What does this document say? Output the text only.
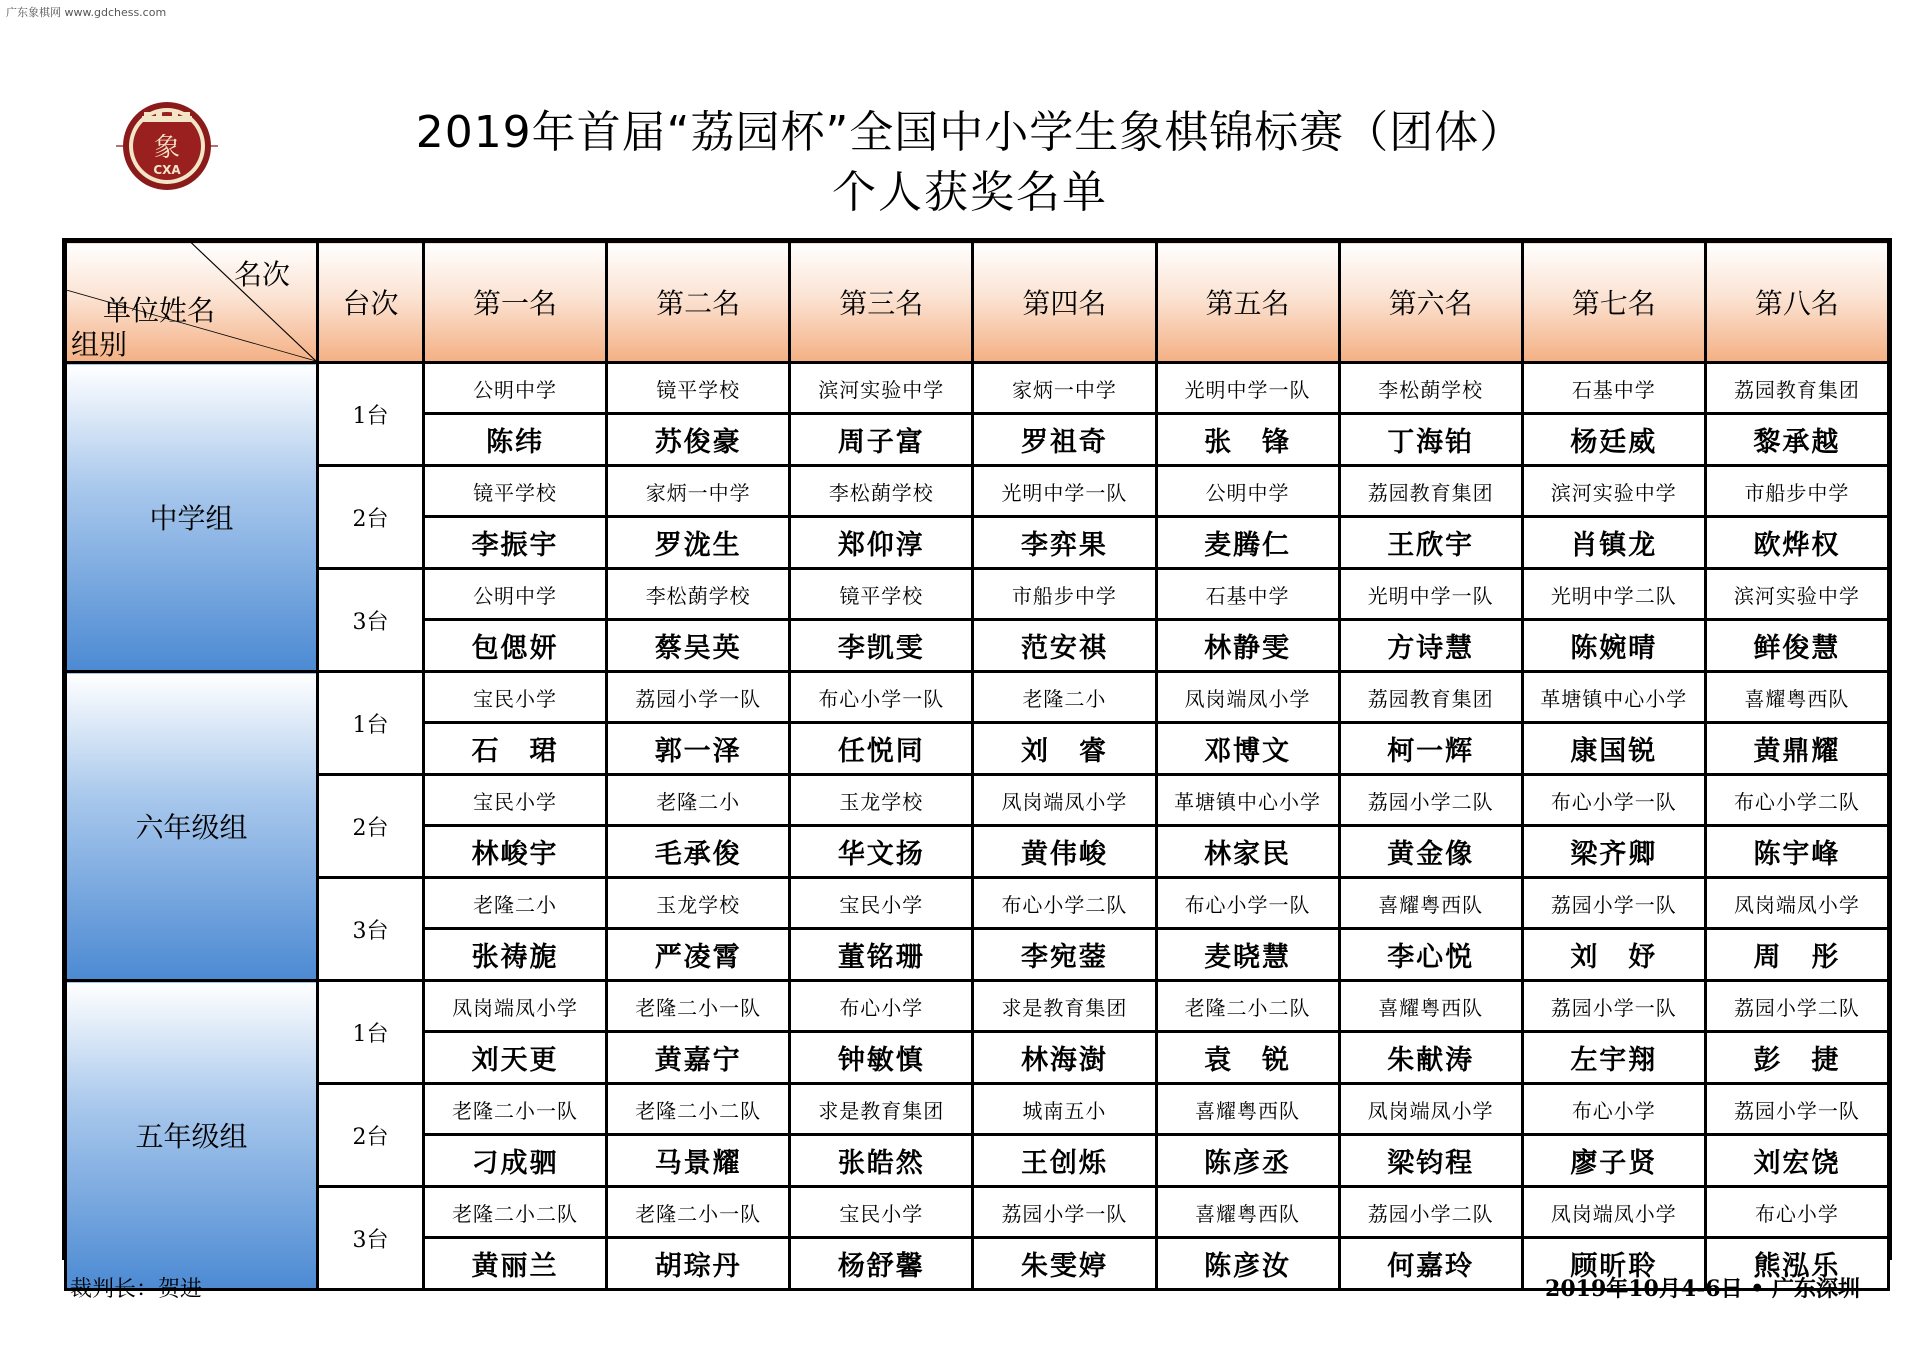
广东象棋网 www.gdchess.com
象
CXA
2019年首届“荔园杯”全国中小学生象棋锦标赛（团体）
个人获奖名单
名次
单位姓名
组别	台次	第一名	第二名	第三名	第四名	第五名	第六名	第七名	第八名
中学组	1台	公明中学	镜平学校	滨河实验中学	家炳一中学	光明中学一队	李松蓢学校	石基中学	荔园教育集团
		陈纬	苏俊豪	周子富	罗祖奇	张　锋	丁海铂	杨廷威	黎承越
	2台	镜平学校	家炳一中学	李松蓢学校	光明中学一队	公明中学	荔园教育集团	滨河实验中学	市船步中学
		李振宇	罗泷生	郑仰淳	李弈果	麦腾仁	王欣宇	肖镇龙	欧烨权
	3台	公明中学	李松蓢学校	镜平学校	市船步中学	石基中学	光明中学一队	光明中学二队	滨河实验中学
		包偲妍	蔡吴英	李凯雯	范安祺	林静雯	方诗慧	陈婉晴	鲜俊慧
六年级组	1台	宝民小学	荔园小学一队	布心小学一队	老隆二小	凤岗端凤小学	荔园教育集团	革塘镇中心小学	喜耀粤西队
		石　珺	郭一泽	任悦同	刘　睿	邓博文	柯一辉	康国锐	黄鼎耀
	2台	宝民小学	老隆二小	玉龙学校	凤岗端凤小学	革塘镇中心小学	荔园小学二队	布心小学一队	布心小学二队
		林峻宇	毛承俊	华文扬	黄伟峻	林家民	黄金像	梁齐卿	陈宇峰
	3台	老隆二小	玉龙学校	宝民小学	布心小学二队	布心小学一队	喜耀粤西队	荔园小学一队	凤岗端凤小学
		张祷旎	严凌霄	董铭珊	李宛蓥	麦晓慧	李心悦	刘　妤	周　彤
五年级组	1台	凤岗端凤小学	老隆二小一队	布心小学	求是教育集团	老隆二小二队	喜耀粤西队	荔园小学一队	荔园小学二队
		刘天更	黄嘉宁	钟敏慎	林海澍	袁　锐	朱献涛	左宇翔	彭　捷
	2台	老隆二小一队	老隆二小二队	求是教育集团	城南五小	喜耀粤西队	凤岗端凤小学	布心小学	荔园小学一队
		刁成驷	马景耀	张皓然	王创烁	陈彦丞	梁钧程	廖子贤	刘宏饶
	3台	老隆二小二队	老隆二小一队	宝民小学	荔园小学一队	喜耀粤西队	荔园小学二队	凤岗端凤小学	布心小学
		黄丽兰	胡琮丹	杨舒馨	朱雯婷	陈彦汝	何嘉玲	顾昕聆	熊泓乐
裁判长：贺进	2019年10月4-6日 • 广东深圳
